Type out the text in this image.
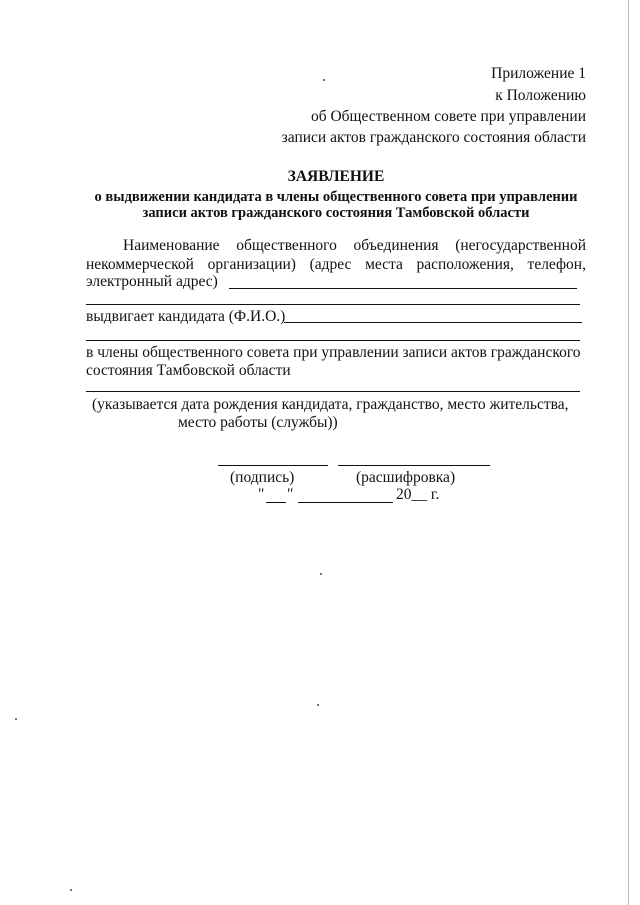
Приложение 1
к Положению
об Общественном совете при управлении
записи актов гражданского состояния области
ЗАЯВЛЕНИЕ
о выдвижении кандидата в члены общественного совета при управлении
записи актов гражданского состояния Тамбовской области
Наименование общественного объединения (негосударственной
некоммерческой организации) (адрес места расположения, телефон,
электронный адрес)
выдвигает кандидата (Ф.И.О.)
в члены общественного совета при управлении записи актов гражданского
состояния Тамбовской области
(указывается дата рождения кандидата, гражданство, место жительства,
место работы (службы))
(подпись)	(расшифровка)
" "	20__ г.
